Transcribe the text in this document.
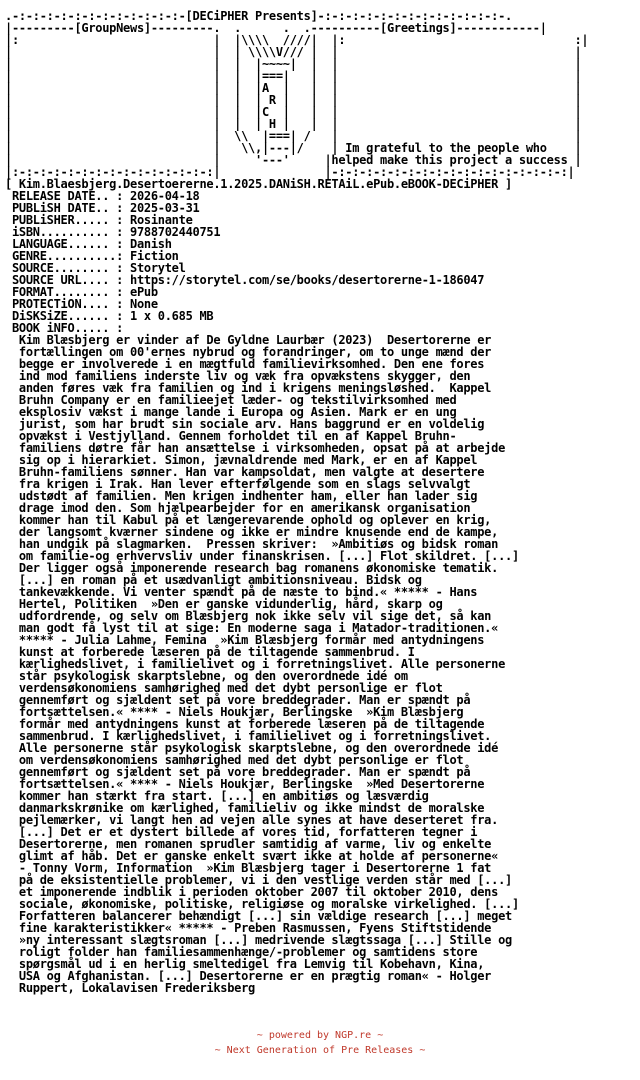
.-:-:-:-:-:-:-:-:-:-:-:-:-[DECiPHER Presents]-:-:-:-:-:-:-:-:-:-:-:-:-:-.
|---------[GroupNews]---------.  .      .  .----------[Greetings]------------|
|:                            |  |\\\\  ////|  |:                                 :|
|                             |  | \\\\V/// |  |                                  |
|                             |  |  |~~~~|  |  |                                  |
|                             |  |  |===|   |  |                                  |
|                             |  |  |A  |   |  |                                  |
|                             |  |  | R |   |  |                                  |
|                             |  |  |C  |   |  |                                  |
|                             |  |  | H |   |  |                                  |
|                             |  \\  |===| /   |                                  |
|                             |   \\,|---|/    | Im grateful to the people who    |
|                             |     '---'     |helped make this project a success |
|:-:-:-:-:-:-:-:-:-:-:-:-:-:-:|               |-:-:-:-:-:-:-:-:-:-:-:-:-:-:-:-:-:|
[ Kim.Blaesbjerg.Desertoererne.1.2025.DANiSH.RETAiL.ePub.eBOOK-DECiPHER ]
RELEASE DATE.. : 2026-04-18
PUBLiSH DATE.. : 2025-03-31
PUBLiSHER..... : Rosinante
iSBN.......... : 9788702440751
LANGUAGE...... : Danish
GENRE..........: Fiction
SOURCE........ : Storytel
SOURCE URL.... : https://storytel.com/se/books/desertorerne-1-186047
FORMAT........ : ePub
PROTECTiON.... : None
DiSKSiZE...... : 1 x 0.685 MB
BOOK iNFO..... :
Kim Blæsbjerg er vinder af De Gyldne Laurbær (2023)  Desertorerne er
fortællingen om 00'ernes nybrud og forandringer, om to unge mænd der
begge er involverede i en mægtfuld familievirksomhed. Den ene fores
ind mod familiens inderste liv og væk fra opvækstens skygger, den
anden føres væk fra familien og ind i krigens meningsløshed.  Kappel
Bruhn Company er en familieejet læder- og tekstilvirksomhed med
eksplosiv vækst i mange lande i Europa og Asien. Mark er en ung
jurist, som har brudt sin sociale arv. Hans baggrund er en voldelig
opvækst i Vestjylland. Gennem forholdet til en af Kappel Bruhn-
familiens døtre får han ansættelse i virksomheden, opsat på at arbejde
sig op i hierarkiet. Simon, jævnaldrende med Mark, er en af Kappel
Bruhn-familiens sønner. Han var kampsoldat, men valgte at desertere
fra krigen i Irak. Han lever efterfølgende som en slags selvvalgt
udstødt af familien. Men krigen indhenter ham, eller han lader sig
drage imod den. Som hjælpearbejder for en amerikansk organisation
kommer han til Kabul på et længerevarende ophold og oplever en krig,
der langsomt kværner sindene og ikke er mindre knusende end de kampe,
han undgik på slagmarken.  Pressen skriver:  »Ambitiøs og bidsk roman
om familie-og erhvervsliv under finanskrisen. [...] Flot skildret. [...]
Der ligger også imponerende research bag romanens økonomiske tematik.
[...] en roman på et usædvanligt ambitionsniveau. Bidsk og
tankevækkende. Vi venter spændt på de næste to bind.« ***** - Hans
Hertel, Politiken  »Den er ganske vidunderlig, hård, skarp og
udfordrende, og selv om Blæsbjerg nok ikke selv vil sige det, så kan
man godt få lyst til at sige: En moderne saga i Matador-traditionen.«
***** - Julia Lahme, Femina  »Kim Blæsbjerg formår med antydningens
kunst at forberede læseren på de tiltagende sammenbrud. I
kærlighedslivet, i familielivet og i forretningslivet. Alle personerne
står psykologisk skarptslebne, og den overordnede idé om
verdensøkonomiens samhørighed med det dybt personlige er flot
gennemført og sjældent set på vore breddegrader. Man er spændt på
fortsættelsen.« **** - Niels Houkjær, Berlingske  »Kim Blæsbjerg
formår med antydningens kunst at forberede læseren på de tiltagende
sammenbrud. I kærlighedslivet, i familielivet og i forretningslivet.
Alle personerne står psykologisk skarptslebne, og den overordnede idé
om verdensøkonomiens samhørighed med det dybt personlige er flot
gennemført og sjældent set på vore breddegrader. Man er spændt på
fortsættelsen.« **** - Niels Houkjær, Berlingske  »Med Desertorerne
kommer han stærkt fra start. [...] en ambitiøs og læsværdig
danmarkskrønike om kærlighed, familieliv og ikke mindst de moralske
pejlemærker, vi langt hen ad vejen alle synes at have deserteret fra.
[...] Det er et dystert billede af vores tid, forfatteren tegner i
Desertorerne, men romanen sprudler samtidig af varme, liv og enkelte
glimt af håb. Det er ganske enkelt svært ikke at holde af personerne«
- Tonny Vorm, Information  »Kim Blæsbjerg tager i Desertorerne 1 fat
på de eksistentielle problemer, vi i den vestlige verden står med [...]
et imponerende indblik i perioden oktober 2007 til oktober 2010, dens
sociale, økonomiske, politiske, religiøse og moralske virkelighed. [...]
Forfatteren balancerer behændigt [...] sin vældige research [...] meget
fine karakteristikker« ***** - Preben Rasmussen, Fyens Stiftstidende
»ny interessant slægtsroman [...] medrivende slægtssaga [...] Stille og
roligt folder han familiesammenhænge/-problemer og samtidens store
spørgsmål ud i en herlig smeltedigel fra Lemvig til Kobehavn, Kina,
USA og Afghanistan. [...] Desertorerne er en prægtig roman« - Holger
Ruppert, Lokalavisen Frederiksberg

~ powered by NGP.re ~
~ Next Generation of Pre Releases ~
